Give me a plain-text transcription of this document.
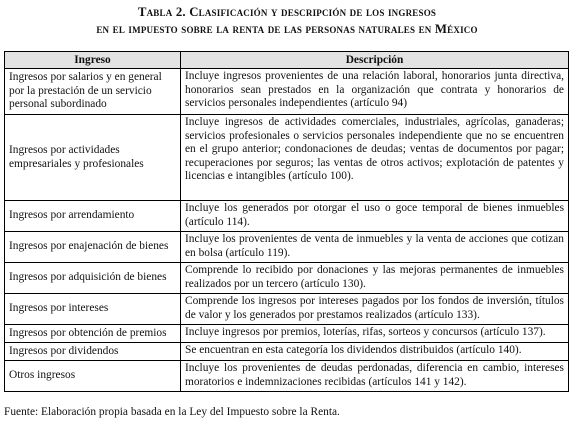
Tabla 2. Clasificación y descripción de los ingresos
en el impuesto sobre la renta de las personas naturales en México
Ingreso	Descripción
Ingresos por salarios y en general por la prestación de un servicio personal subordinado	Incluye ingresos provenientes de una relación laboral, honorarios junta directiva, honorarios sean prestados en la organización que contrata y honorarios de servicios personales independientes (artículo 94)
Ingresos por actividades empresariales y profesionales	Incluye ingresos de actividades comerciales, industriales, agrícolas, ganaderas; servicios profesionales o servicios personales independiente que no se encuentren en el grupo anterior; condonaciones de deudas; ventas de documentos por pagar; recuperaciones por seguros; las ventas de otros activos; explotación de patentes y licencias e intangibles (artículo 100).
Ingresos por arrendamiento	Incluye los generados por otorgar el uso o goce temporal de bienes inmuebles (artículo 114).
Ingresos por enajenación de bienes	Incluye los provenientes de venta de inmuebles y la venta de acciones que cotizan en bolsa (artículo 119).
Ingresos por adquisición de bienes	Comprende lo recibido por donaciones y las mejoras permanentes de inmuebles realizados por un tercero (artículo 130).
Ingresos por intereses	Comprende los ingresos por intereses pagados por los fondos de inversión, títulos de valor y los generados por prestamos realizados (artículo 133).
Ingresos por obtención de premios	Incluye ingresos por premios, loterías, rifas, sorteos y concursos (artículo 137).
Ingresos por dividendos	Se encuentran en esta categoría los dividendos distribuidos (artículo 140).
Otros ingresos	Incluye los provenientes de deudas perdonadas, diferencia en cambio, intereses moratorios e indemnizaciones recibidas (artículos 141 y 142).
Fuente: Elaboración propia basada en la Ley del Impuesto sobre la Renta.
